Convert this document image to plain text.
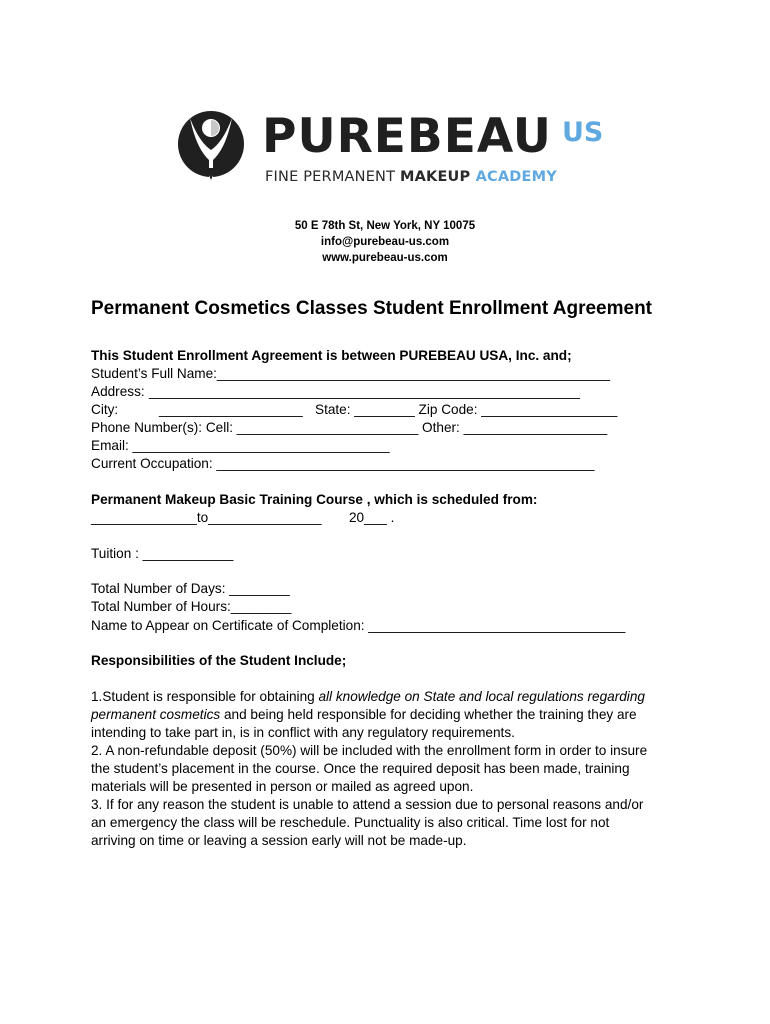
PUREBEAU US
FINE PERMANENT MAKEUP ACADEMY
50 E 78th St, New York, NY 10075
info@purebeau-us.com
www.purebeau-us.com
Permanent Cosmetics Classes Student Enrollment Agreement
This Student Enrollment Agreement is between PUREBEAU USA, Inc. and;
Student’s Full Name:____________________________________________________
Address: _________________________________________________________
City:	___________________ State: ________ Zip Code: __________________
Phone Number(s): Cell: ________________________ Other: ___________________
Email: __________________________________
Current Occupation: __________________________________________________
Permanent Makeup Basic Training Course , which is scheduled from:
______________to_______________ 20___ .
Tuition : ____________
Total Number of Days: ________
Total Number of Hours:________
Name to Appear on Certificate of Completion: __________________________________
Responsibilities of the Student Include;
1.Student is responsible for obtaining all knowledge on State and local regulations regarding
permanent cosmetics and being held responsible for deciding whether the training they are
intending to take part in, is in conflict with any regulatory requirements.
2. A non-refundable deposit (50%) will be included with the enrollment form in order to insure
the student’s placement in the course. Once the required deposit has been made, training
materials will be presented in person or mailed as agreed upon.
3. If for any reason the student is unable to attend a session due to personal reasons and/or
an emergency the class will be reschedule. Punctuality is also critical. Time lost for not
arriving on time or leaving a session early will not be made-up.
